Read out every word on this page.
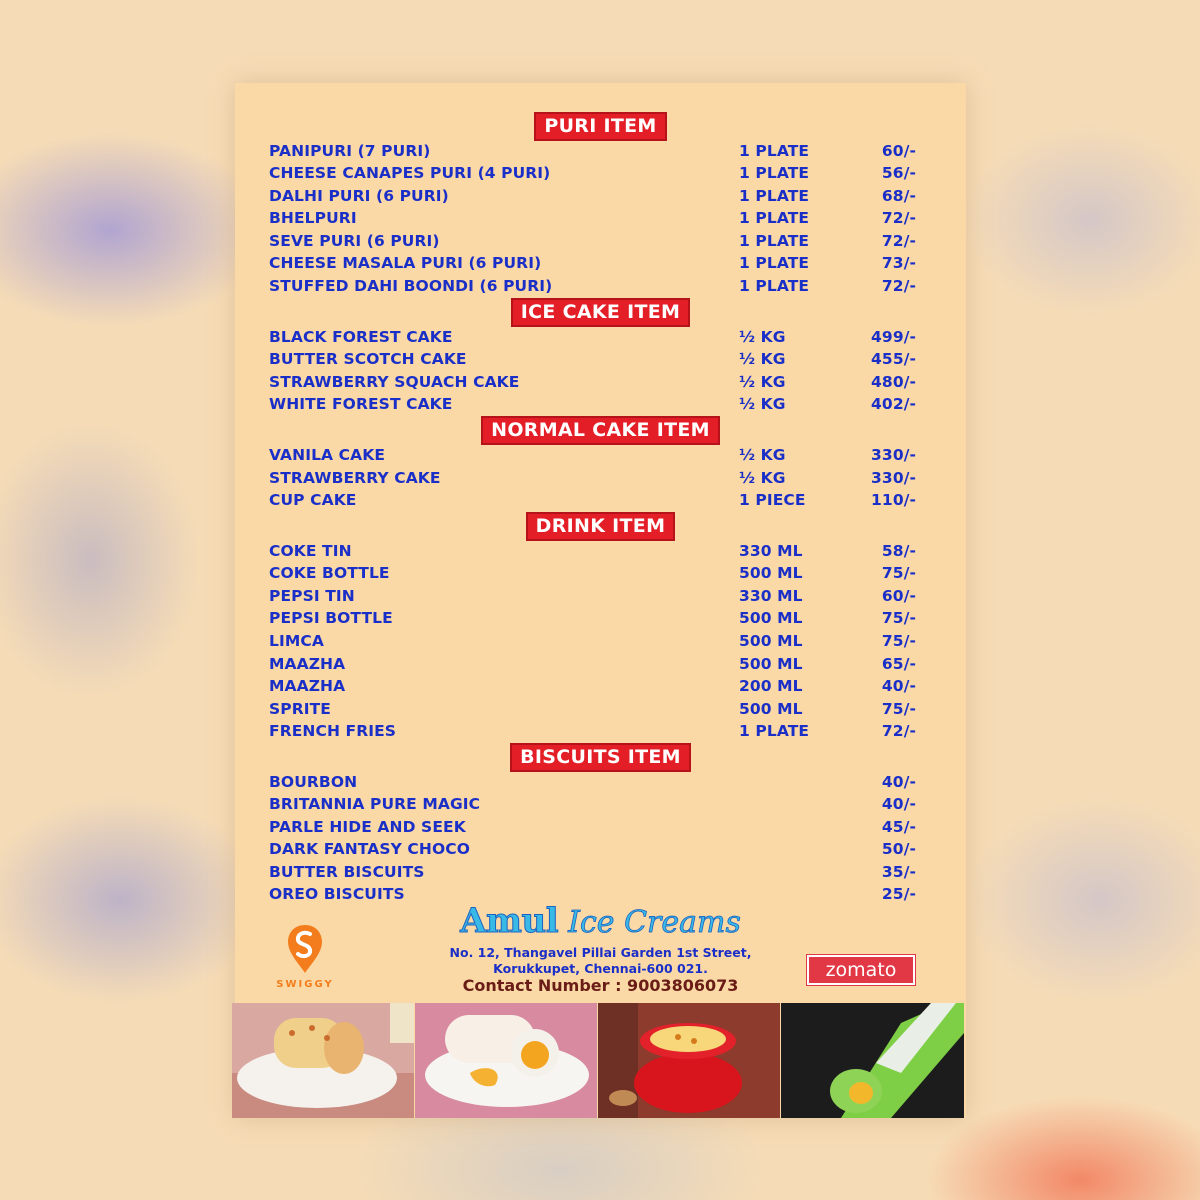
PURI ITEM
ICE CAKE ITEM
NORMAL CAKE ITEM
DRINK ITEM
BISCUITS ITEM
PANIPURI (7 PURI)	1 PLATE	60/-
CHEESE CANAPES PURI (4 PURI)	1 PLATE	56/-
DALHI PURI (6 PURI)	1 PLATE	68/-
BHELPURI	1 PLATE	72/-
SEVE PURI (6 PURI)	1 PLATE	72/-
CHEESE MASALA PURI (6 PURI)	1 PLATE	73/-
STUFFED DAHI BOONDI (6 PURI)	1 PLATE	72/-
BLACK FOREST CAKE	½ KG	499/-
BUTTER SCOTCH CAKE	½ KG	455/-
STRAWBERRY SQUACH CAKE	½ KG	480/-
WHITE FOREST CAKE	½ KG	402/-
VANILA CAKE	½ KG	330/-
STRAWBERRY CAKE	½ KG	330/-
CUP CAKE	1 PIECE	110/-
COKE TIN	330 ML	58/-
COKE BOTTLE	500 ML	75/-
PEPSI TIN	330 ML	60/-
PEPSI BOTTLE	500 ML	75/-
LIMCA	500 ML	75/-
MAAZHA	500 ML	65/-
MAAZHA	200 ML	40/-
SPRITE	500 ML	75/-
FRENCH FRIES	1 PLATE	72/-
BOURBON	40/-
BRITANNIA PURE MAGIC	40/-
PARLE HIDE AND SEEK	45/-
DARK FANTASY CHOCO	50/-
BUTTER BISCUITS	35/-
OREO BISCUITS	25/-
Amul Ice Creams
No. 12, Thangavel Pillai Garden 1st Street,
Korukkupet, Chennai-600 021.
Contact Number : 9003806073
SWIGGY
zomato
